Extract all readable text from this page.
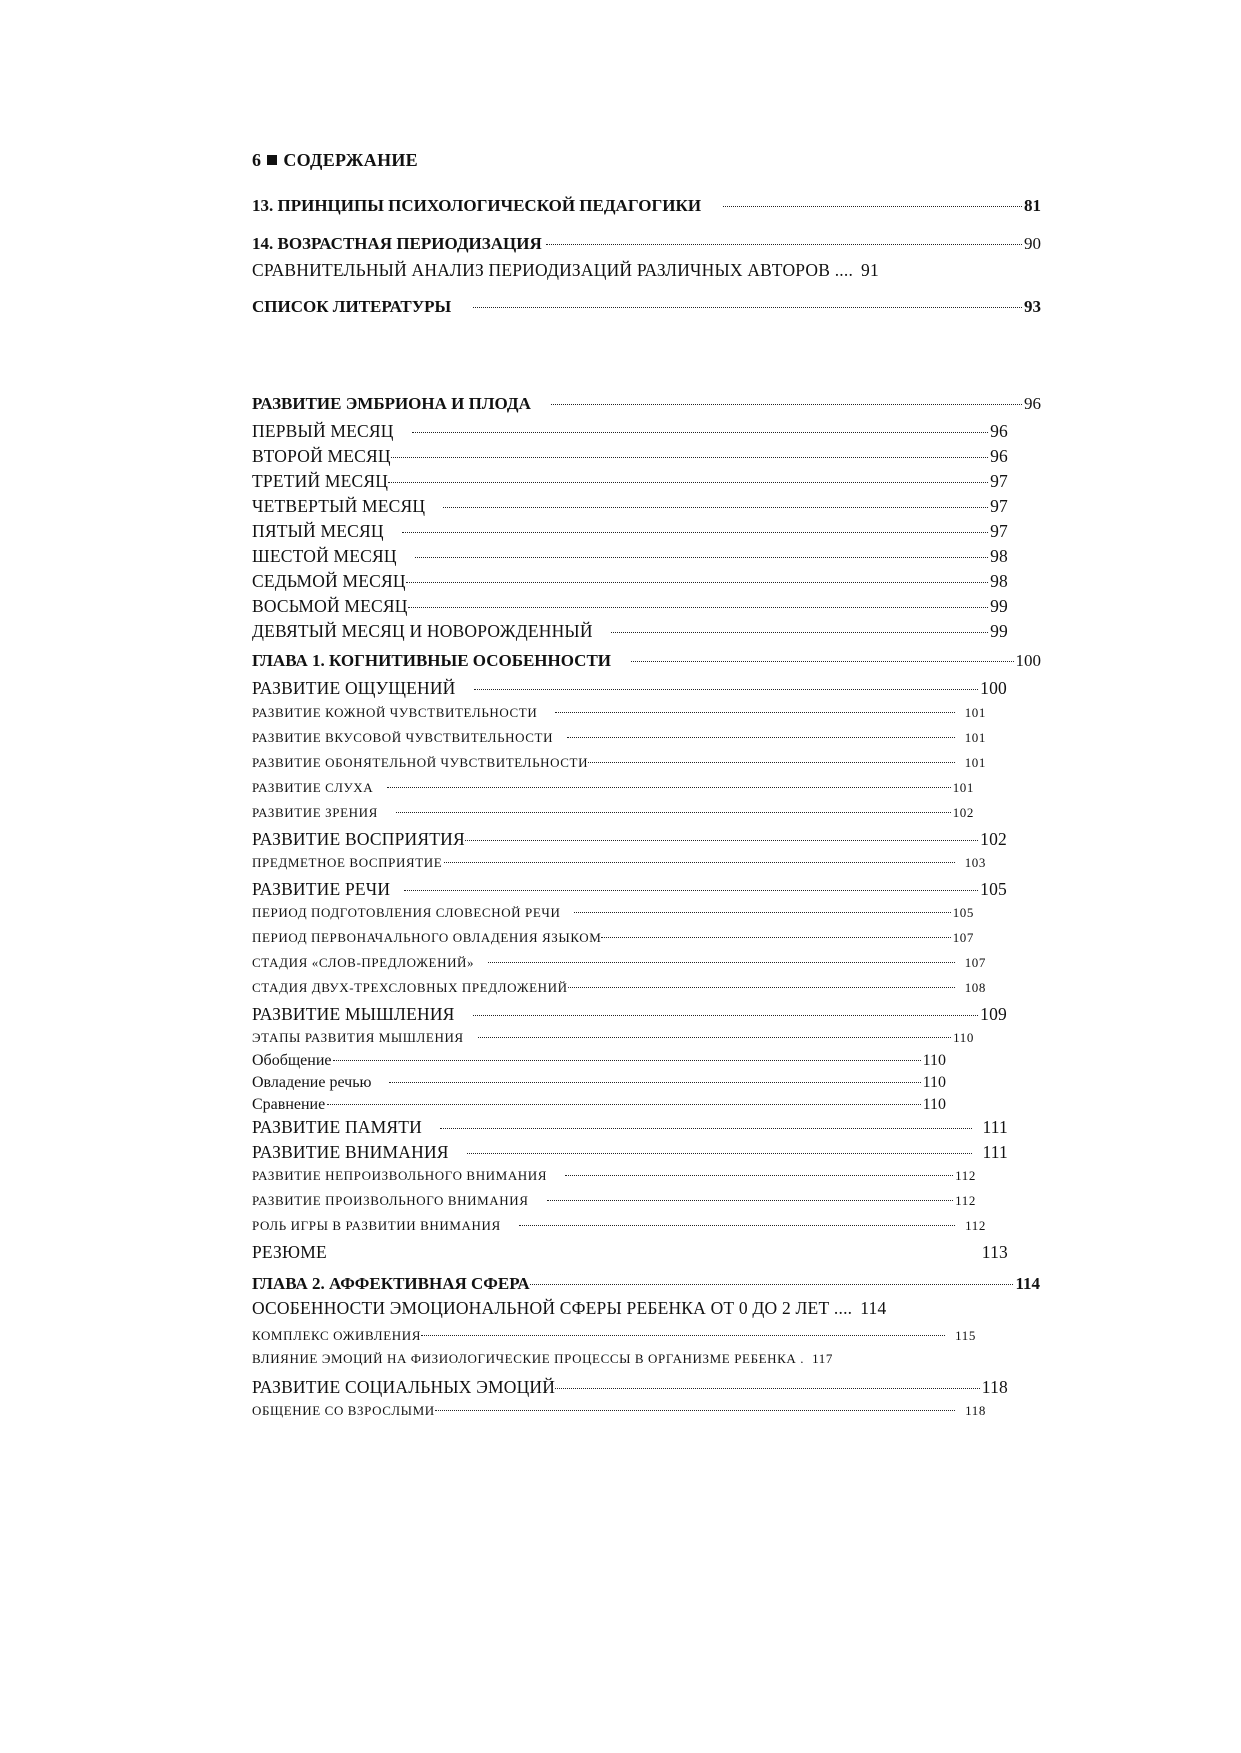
6 СОДЕРЖАНИЕ
13. ПРИНЦИПЫ ПСИХОЛОГИЧЕСКОЙ ПЕДАГОГИКИ	81
14. ВОЗРАСТНАЯ ПЕРИОДИЗАЦИЯ	90
СРАВНИТЕЛЬНЫЙ АНАЛИЗ ПЕРИОДИЗАЦИЙ РАЗЛИЧНЫХ АВТОРОВ .... 91
СПИСОК ЛИТЕРАТУРЫ	93
РАЗВИТИЕ ЭМБРИОНА И ПЛОДА	96
ПЕРВЫЙ МЕСЯЦ	96
ВТОРОЙ МЕСЯЦ	96
ТРЕТИЙ МЕСЯЦ	97
ЧЕТВЕРТЫЙ МЕСЯЦ	97
ПЯТЫЙ МЕСЯЦ	97
ШЕСТОЙ МЕСЯЦ	98
СЕДЬМОЙ МЕСЯЦ	98
ВОСЬМОЙ МЕСЯЦ	99
ДЕВЯТЫЙ МЕСЯЦ И НОВОРОЖДЕННЫЙ	99
ГЛАВА 1. КОГНИТИВНЫЕ ОСОБЕННОСТИ	100
РАЗВИТИЕ ОЩУЩЕНИЙ	100
РАЗВИТИЕ КОЖНОЙ ЧУВСТВИТЕЛЬНОСТИ	101
РАЗВИТИЕ ВКУСОВОЙ ЧУВСТВИТЕЛЬНОСТИ	101
РАЗВИТИЕ ОБОНЯТЕЛЬНОЙ ЧУВСТВИТЕЛЬНОСТИ	101
РАЗВИТИЕ СЛУХА	101
РАЗВИТИЕ ЗРЕНИЯ	102
РАЗВИТИЕ ВОСПРИЯТИЯ	102
ПРЕДМЕТНОЕ ВОСПРИЯТИЕ	103
РАЗВИТИЕ РЕЧИ	105
ПЕРИОД ПОДГОТОВЛЕНИЯ СЛОВЕСНОЙ РЕЧИ	105
ПЕРИОД ПЕРВОНАЧАЛЬНОГО ОВЛАДЕНИЯ ЯЗЫКОМ	107
СТАДИЯ «СЛОВ-ПРЕДЛОЖЕНИЙ»	107
СТАДИЯ ДВУХ-ТРЕХСЛОВНЫХ ПРЕДЛОЖЕНИЙ	108
РАЗВИТИЕ МЫШЛЕНИЯ	109
ЭТАПЫ РАЗВИТИЯ МЫШЛЕНИЯ	110
Обобщение	110
Овладение речью	110
Сравнение	110
РАЗВИТИЕ ПАМЯТИ	111
РАЗВИТИЕ ВНИМАНИЯ	111
РАЗВИТИЕ НЕПРОИЗВОЛЬНОГО ВНИМАНИЯ	112
РАЗВИТИЕ ПРОИЗВОЛЬНОГО ВНИМАНИЯ	112
РОЛЬ ИГРЫ В РАЗВИТИИ ВНИМАНИЯ	112
РЕЗЮМЕ	113
ГЛАВА 2. АФФЕКТИВНАЯ СФЕРА	114
ОСОБЕННОСТИ ЭМОЦИОНАЛЬНОЙ СФЕРЫ РЕБЕНКА ОТ 0 ДО 2 ЛЕТ .... 114
КОМПЛЕКС ОЖИВЛЕНИЯ	115
ВЛИЯНИЕ ЭМОЦИЙ НА ФИЗИОЛОГИЧЕСКИЕ ПРОЦЕССЫ В ОРГАНИЗМЕ РЕБЕНКА . 117
РАЗВИТИЕ СОЦИАЛЬНЫХ ЭМОЦИЙ	118
ОБЩЕНИЕ СО ВЗРОСЛЫМИ	118
